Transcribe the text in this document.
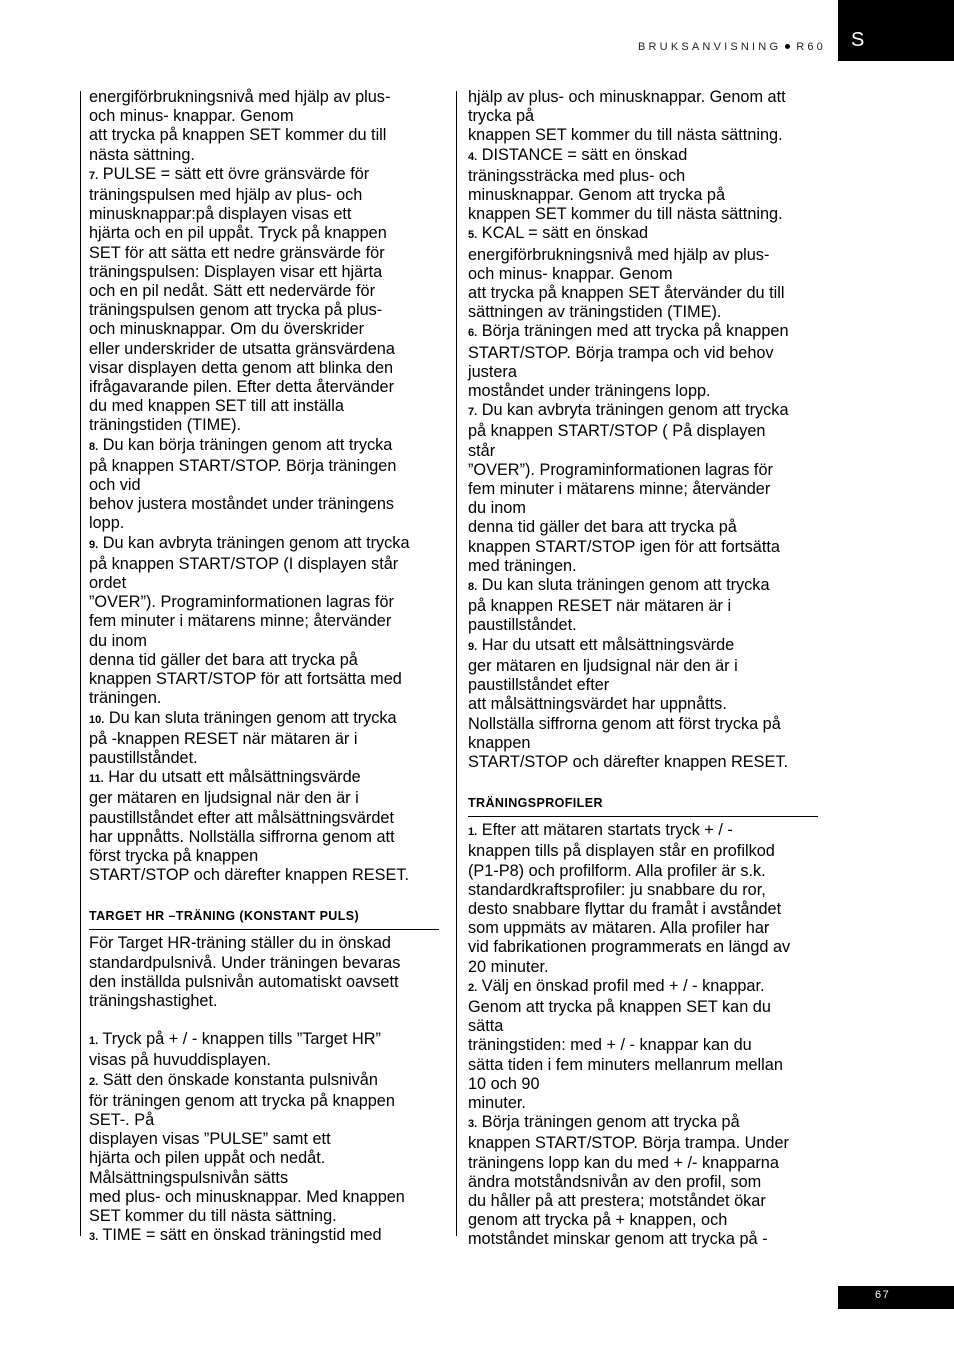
BRUKSANVISNING R60 S

energiförbrukningsnivå med hjälp av plus-
och minus- knappar. Genom
att trycka på knappen SET kommer du till
nästa sättning.

7. PULSE = sätt ett övre gränsvärde för
träningspulsen med hjälp av plus- och
minusknappar:på displayen visas ett
hjärta och en pil uppåt. Tryck på knappen
SET för att sätta ett nedre gränsvärde för
träningspulsen: Displayen visar ett hjärta
och en pil nedåt. Sätt ett nedervärde för
träningspulsen genom att trycka på plus-
och minusknappar. Om du överskrider
eller underskrider de utsatta gränsvärdena
visar displayen detta genom att blinka den
ifrågavarande pilen. Efter detta återvänder
du med knappen SET till att inställa
träningstiden (TIME).

8. Du kan börja träningen genom att trycka
på knappen START/STOP. Börja träningen
och vid
behov justera moståndet under träningens
lopp.

9. Du kan avbryta träningen genom att trycka
på knappen START/STOP (I displayen står
ordet
”OVER”). Programinformationen lagras för
fem minuter i mätarens minne; återvänder
du inom
denna tid gäller det bara att trycka på
knappen START/STOP för att fortsätta med
träningen.

10. Du kan sluta träningen genom att trycka
på -knappen RESET när mätaren är i
paustillståndet.

11. Har du utsatt ett målsättningsvärde
ger mätaren en ljudsignal när den är i
paustillståndet efter att målsättningsvärdet
har uppnåtts. Nollställa siffrorna genom att
först trycka på knappen
START/STOP och därefter knappen RESET.

TARGET HR –TRÄNING (KONSTANT PULS)

För Target HR-träning ställer du in önskad
standardpulsnivå. Under träningen bevaras
den inställda pulsnivån automatiskt oavsett
träningshastighet.

1. Tryck på + / - knappen tills ”Target HR”
visas på huvuddisplayen.

2. Sätt den önskade konstanta pulsnivån
för träningen genom att trycka på knappen
SET-. På
displayen visas ”PULSE” samt ett
hjärta och pilen uppåt och nedåt.
Målsättningspulsnivån sätts
med plus- och minusknappar. Med knappen
SET kommer du till nästa sättning.

3. TIME = sätt en önskad träningstid med

hjälp av plus- och minusknappar. Genom att
trycka på
knappen SET kommer du till nästa sättning.

4. DISTANCE = sätt en önskad
träningssträcka med plus- och
minusknappar. Genom att trycka på
knappen SET kommer du till nästa sättning.

5. KCAL = sätt en önskad
energiförbrukningsnivå med hjälp av plus-
och minus- knappar. Genom
att trycka på knappen SET återvänder du till
sättningen av träningstiden (TIME).

6. Börja träningen med att trycka på knappen
START/STOP. Börja trampa och vid behov
justera
moståndet under träningens lopp.

7. Du kan avbryta träningen genom att trycka
på knappen START/STOP ( På displayen
står
”OVER”). Programinformationen lagras för
fem minuter i mätarens minne; återvänder
du inom
denna tid gäller det bara att trycka på
knappen START/STOP igen för att fortsätta
med träningen.

8. Du kan sluta träningen genom att trycka
på knappen RESET när mätaren är i
paustillståndet.

9. Har du utsatt ett målsättningsvärde
ger mätaren en ljudsignal när den är i
paustillståndet efter
att målsättningsvärdet har uppnåtts.
Nollställa siffrorna genom att först trycka på
knappen
START/STOP och därefter knappen RESET.

TRÄNINGSPROFILER

1. Efter att mätaren startats tryck + / -
knappen tills på displayen står en profilkod
(P1-P8) och profilform. Alla profiler är s.k.
standardkraftsprofiler: ju snabbare du ror,
desto snabbare flyttar du framåt i avståndet
som uppmäts av mätaren. Alla profiler har
vid fabrikationen programmerats en längd av
20 minuter.

2. Välj en önskad profil med + / - knappar.
Genom att trycka på knappen SET kan du
sätta
träningstiden: med + / - knappar kan du
sätta tiden i fem minuters mellanrum mellan
10 och 90
minuter.

3. Börja träningen genom att trycka på
knappen START/STOP. Börja trampa. Under
träningens lopp kan du med + /- knapparna
ändra motståndsnivån av den profil, som
du håller på att prestera; motståndet ökar
genom att trycka på + knappen, och
motståndet minskar genom att trycka på -

67
